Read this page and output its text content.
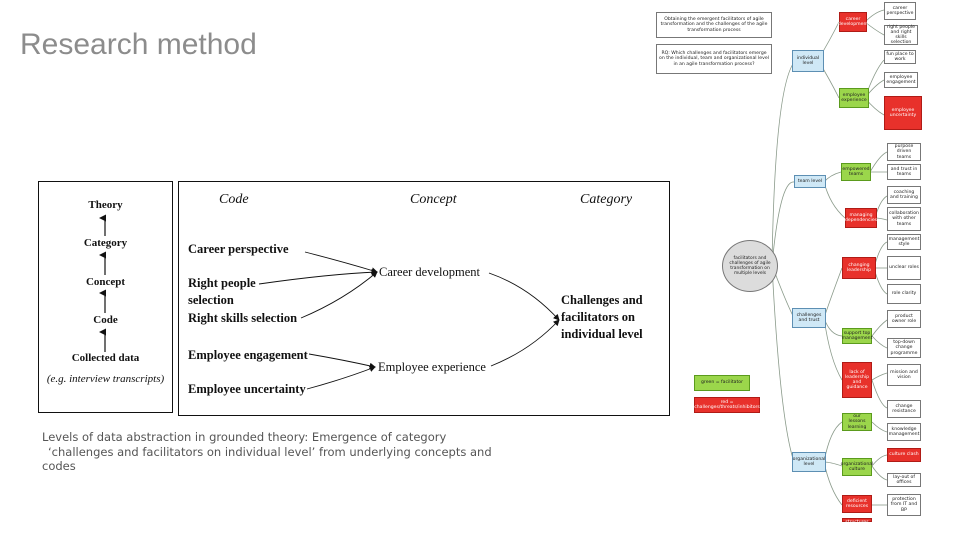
Research method
Theory
Category
Concept
Code
Collected data
(e.g. interview transcripts)
Code	Concept	Category
Career perspective
Right people
selection
Right skills selection
Employee engagement
Employee uncertainty
Career development
Employee experience
Challenges and
facilitators on
individual level
Levels of data abstraction in grounded theory: Emergence of category
‘challenges and facilitators on individual level’ from underlying concepts and
codes
Obtaining the emergent facilitators of agile transformation and the challenges of the agile transformation process
RQ: Which challenges and facilitators emerge on the individual, team and organizational level in an agile transformation process?
facilitators and challenges of agile transformation on multiple levels
individual level
team level
challenges and trust
organizational level
career development
employee experience
career perspective
right people and right skills selection
fun place to work
employee engagement
employee uncertainty
empowered teams
managing dependencies
purpose driven teams
and trust in teams
coaching and training
collaboration with other teams
management style
changing leadership
unclear roles
role clarity
support top management
product owner role
top-down change programme
lack of leadership and guidance
mission and vision
change resistance
our lessons learning	knowledge management
culture clash
organizational culture
lay-out of offices
deficient resources
protection from IT and BP
informal structures
green = facilitator
red = challenges/threats/inhibitors
